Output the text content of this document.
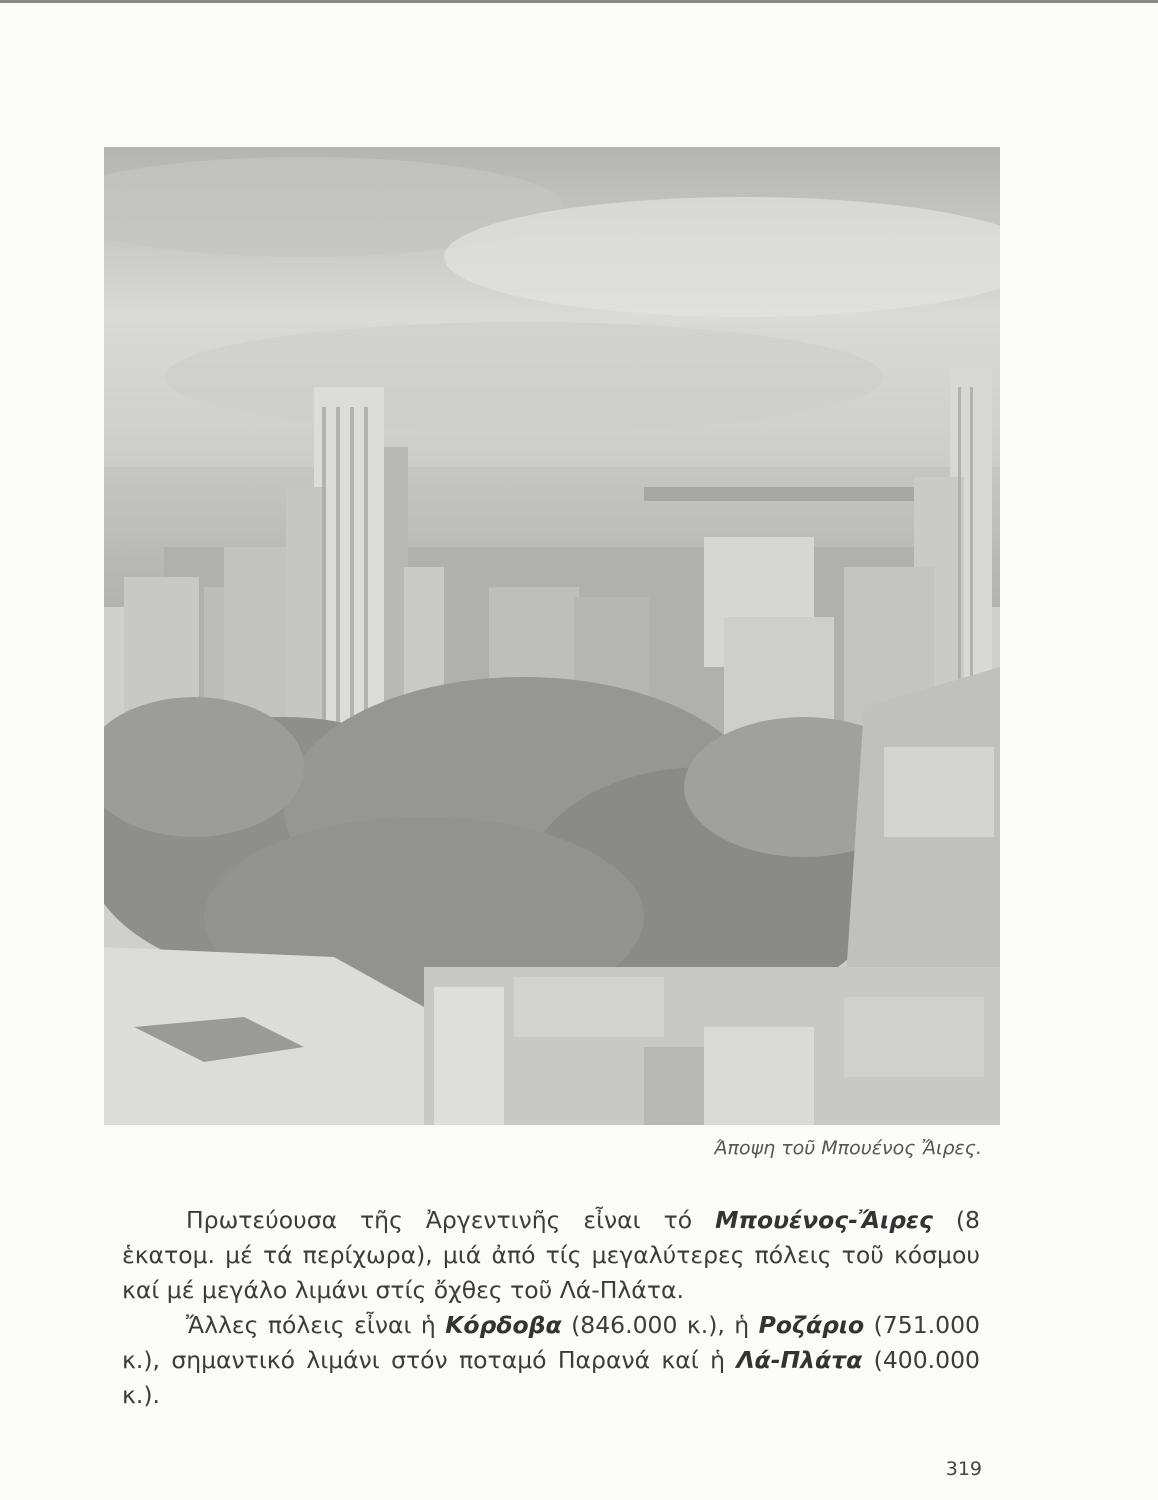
Άποψη τοῦ Μπουένος Ἄιρες.

Πρωτεύουσα τῆς Ἀργεντινῆς εἶναι τό Μπουένος-Ἄιρες (8 ἑκατομ. μέ τά περίχωρα), μιά ἀπό τίς μεγαλύτερες πόλεις τοῦ κόσμου καί μέ μεγάλο λιμάνι στίς ὄχθες τοῦ Λά-Πλάτα.

Ἄλλες πόλεις εἶναι ἡ Κόρδοβα (846.000 κ.), ἡ Ροζάριο (751.000 κ.), σημαντικό λιμάνι στόν ποταμό Παρανά καί ἡ Λά-Πλάτα (400.000 κ.).

319
